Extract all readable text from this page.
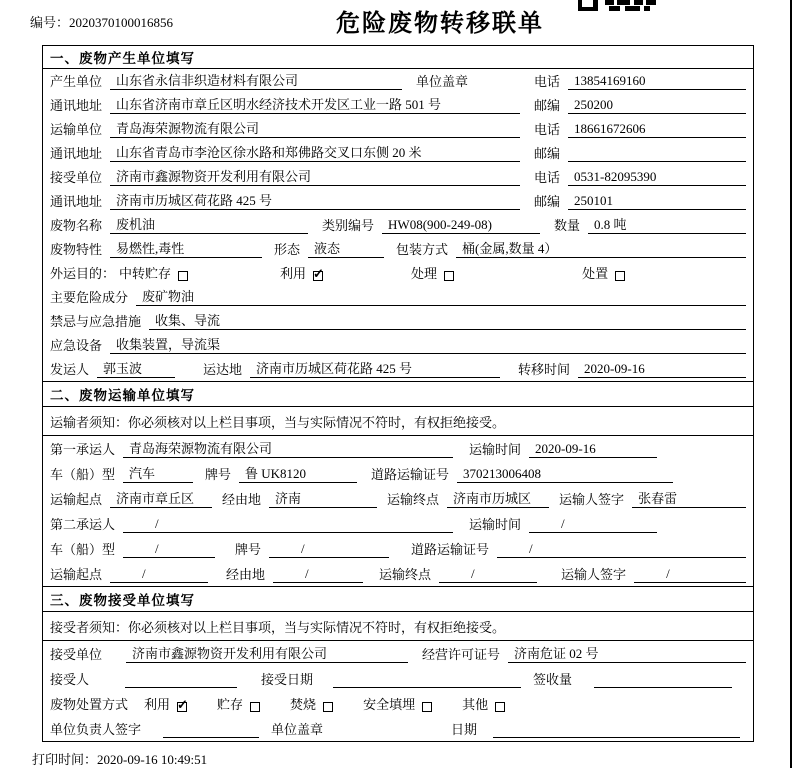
编号：2020370100016856	危险废物转移联单
一、废物产生单位填写
产生单位	山东省永信非织造材料有限公司	单位盖章	电话	13854169160
通讯地址	山东省济南市章丘区明水经济技术开发区工业一路 501 号	邮编	250200
运输单位	青岛海荣源物流有限公司	电话	18661672606
通讯地址	山东省青岛市李沧区徐水路和郑佛路交叉口东侧 20 米	邮编
接受单位	济南市鑫源物资开发利用有限公司	电话	0531-82095390
通讯地址	济南市历城区荷花路 425 号	邮编	250101
废物名称	废机油	类别编号	HW08(900-249-08)	数量	0.8 吨
废物特性	易燃性,毒性	形态	液态	包装方式	桶(金属,数量 4）
外运目的： 中转贮存	利用 ✓	处理	处置
主要危险成分	废矿物油
禁忌与应急措施	收集、导流
应急设备	收集装置，导流渠
发运人	郭玉波	运达地	济南市历城区荷花路 425 号	转移时间	2020-09-16
二、废物运输单位填写
运输者须知：你必须核对以上栏目事项，当与实际情况不符时，有权拒绝接受。
第一承运人	青岛海荣源物流有限公司	运输时间	2020-09-16
车（船）型	汽车	牌号	鲁 UK8120	道路运输证号	370213006408
运输起点	济南市章丘区	经由地	济南	运输终点	济南市历城区	运输人签字	张春雷
第二承运人	/	运输时间	/
车（船）型	/	牌号	/	道路运输证号	/
运输起点	/	经由地	/	运输终点	/	运输人签字	/
三、废物接受单位填写
接受者须知：你必须核对以上栏目事项，当与实际情况不符时，有权拒绝接受。
接受单位	济南市鑫源物资开发利用有限公司	经营许可证号	济南危证 02 号
接受人	接受日期	签收量
废物处置方式 利用 ✓	贮存	焚烧	安全填埋	其他
单位负责人签字	单位盖章	日期
打印时间：2020-09-16 10:49:51
